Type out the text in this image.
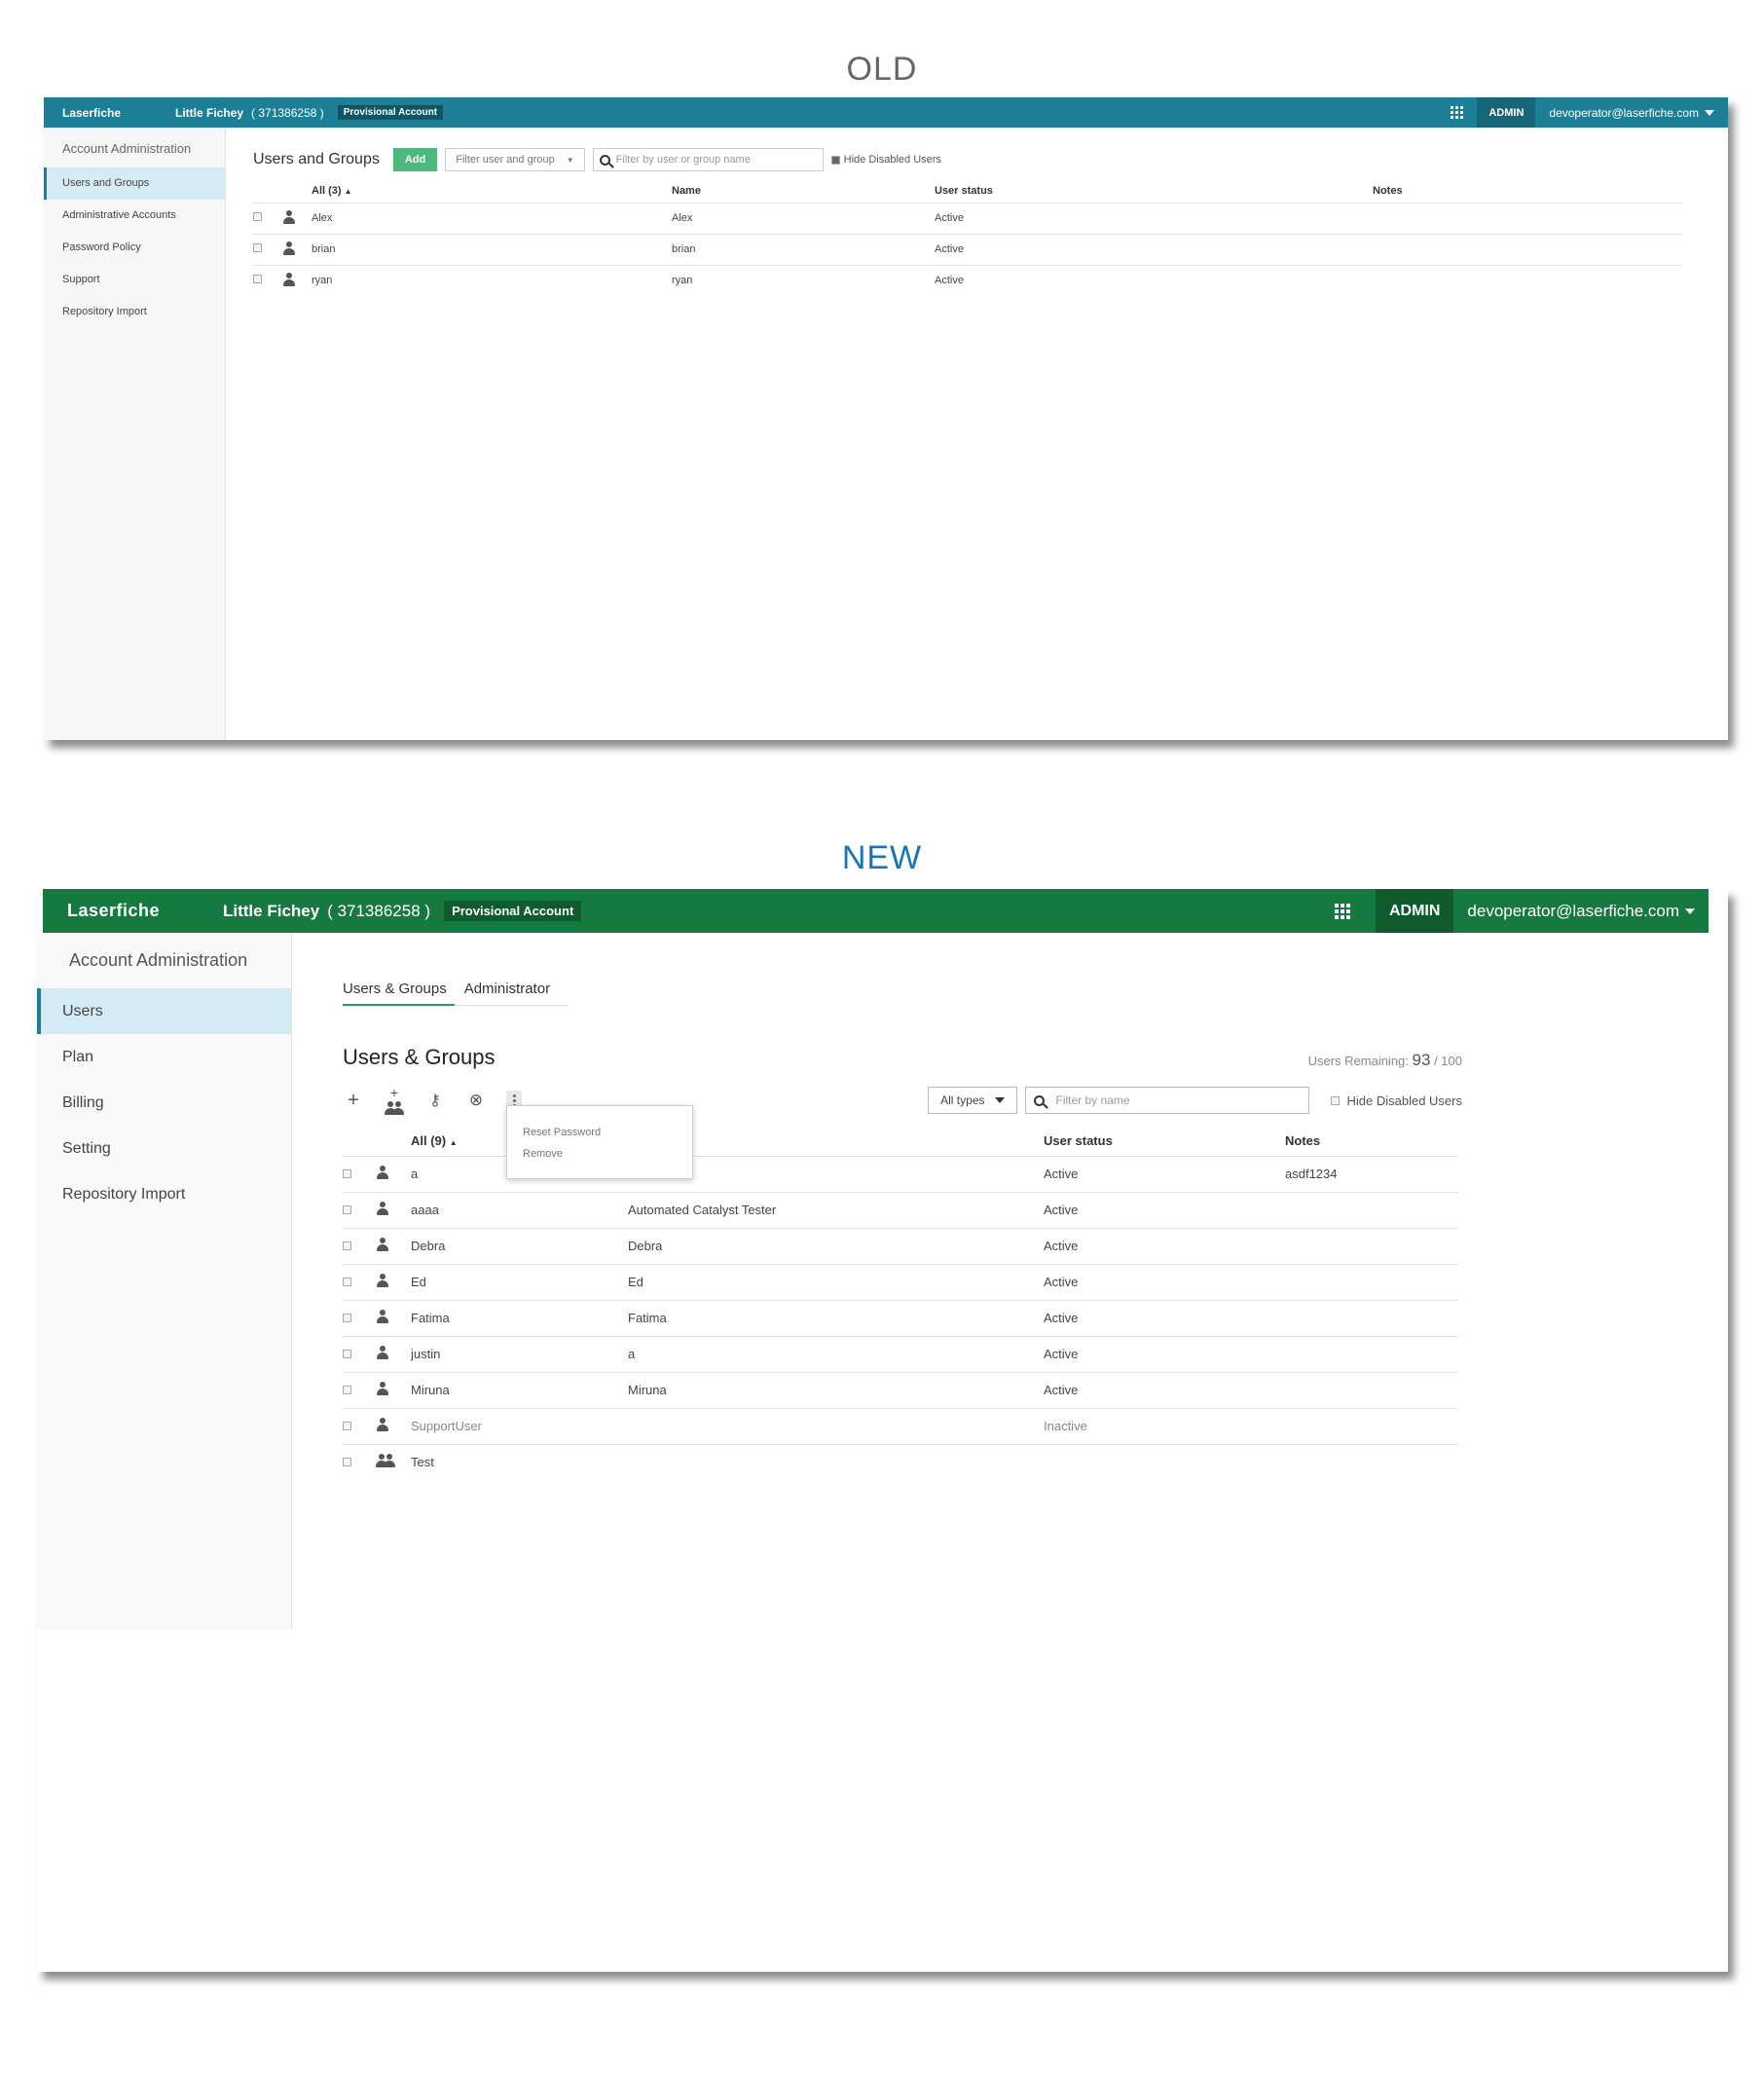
OLD
Laserfiche	Little Fichey ( 371386258 )	Provisional Account	ADMIN	devoperator@laserfiche.com
Account Administration
Users and Groups
Administrative Accounts
Password Policy
Support
Repository Import
Users and Groups	Add	Filter user and group ▼	Filter by user or group name	Hide Disabled Users
		All (3) ▲	Name	User status	Notes
		Alex	Alex	Active	
		brian	brian	Active	
		ryan	ryan	Active	
NEW
Laserfiche	Little Fichey ( 371386258 )	Provisional Account	ADMIN	devoperator@laserfiche.com
Account Administration
Users
Plan
Billing
Setting
Repository Import
Users & Groups	Administrator
Users & Groups	Users Remaining: 93 / 100
+	+	⚷	⊗	All types	Filter by name	Hide Disabled Users
		All (9) ▲		User status	Notes
		a		Active	asdf1234
		aaaa	Automated Catalyst Tester	Active	
		Debra	Debra	Active	
		Ed	Ed	Active	
		Fatima	Fatima	Active	
		justin	a	Active	
		Miruna	Miruna	Active	
		SupportUser		Inactive	

	Test			
Reset Password
Remove
